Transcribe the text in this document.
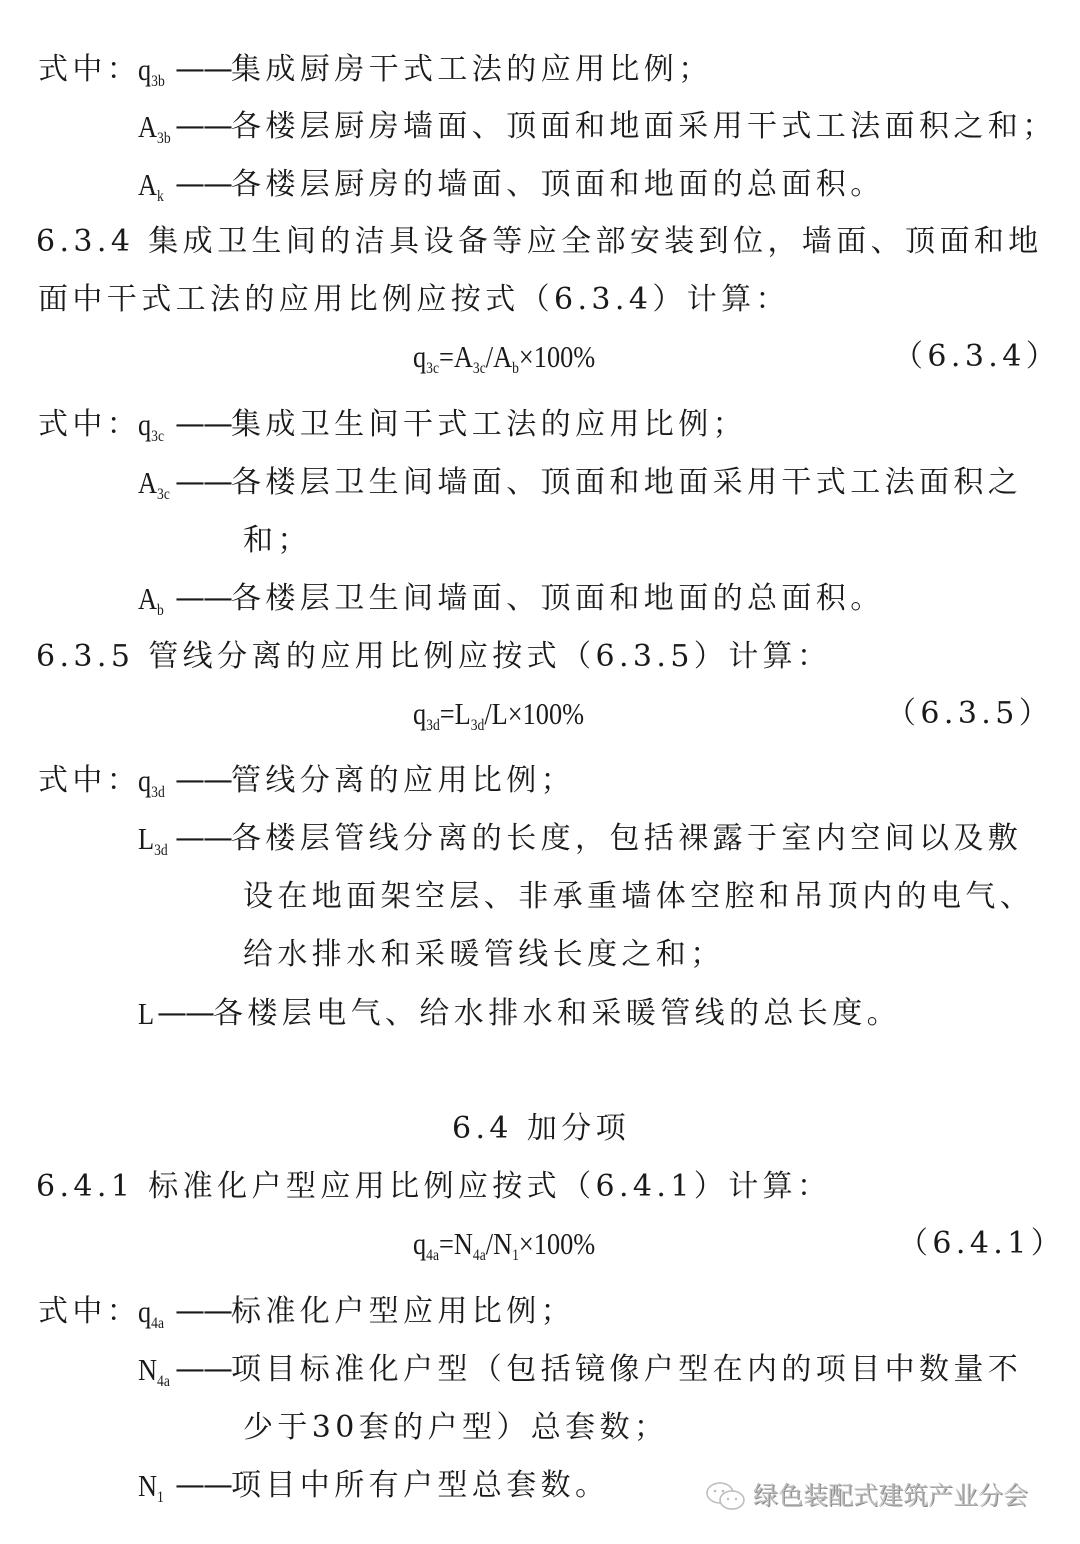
式中：
$q_{3b}$ ——集成厨房干式工法的应用比例；
$A_{3b}$ ——各楼层厨房墙面、顶面和地面采用干式工法面积之和；
$A_k$ ——各楼层厨房的墙面、顶面和地面的总面积。
6.3.4 集成卫生间的洁具设备等应全部安装到位，墙面、顶面和地
面中干式工法的应用比例应按式（6.3.4）计算：
$q_{3c}=A_{3c}/A_b\times 100\%$	（6.3.4）
式中：
$q_{3c}$ ——集成卫生间干式工法的应用比例；
$A_{3c}$ ——各楼层卫生间墙面、顶面和地面采用干式工法面积之
和；
$A_b$ ——各楼层卫生间墙面、顶面和地面的总面积。
6.3.5 管线分离的应用比例应按式（6.3.5）计算：
$q_{3d}=L_{3d}/L\times 100\%$	（6.3.5）
式中：
$q_{3d}$ ——管线分离的应用比例；
$L_{3d}$ ——各楼层管线分离的长度，包括裸露于室内空间以及敷
设在地面架空层、非承重墙体空腔和吊顶内的电气、
给水排水和采暖管线长度之和；
L ——各楼层电气、给水排水和采暖管线的总长度。
6.4 加分项
6.4.1 标准化户型应用比例应按式（6.4.1）计算：
$q_{4a}=N_{4a}/N_1\times 100\%$	（6.4.1）
式中：
$q_{4a}$ ——标准化户型应用比例；
$N_{4a}$ ——项目标准化户型（包括镜像户型在内的项目中数量不
少于30套的户型）总套数；
$N_1$ ——项目中所有户型总套数。	绿色装配式建筑产业分会
